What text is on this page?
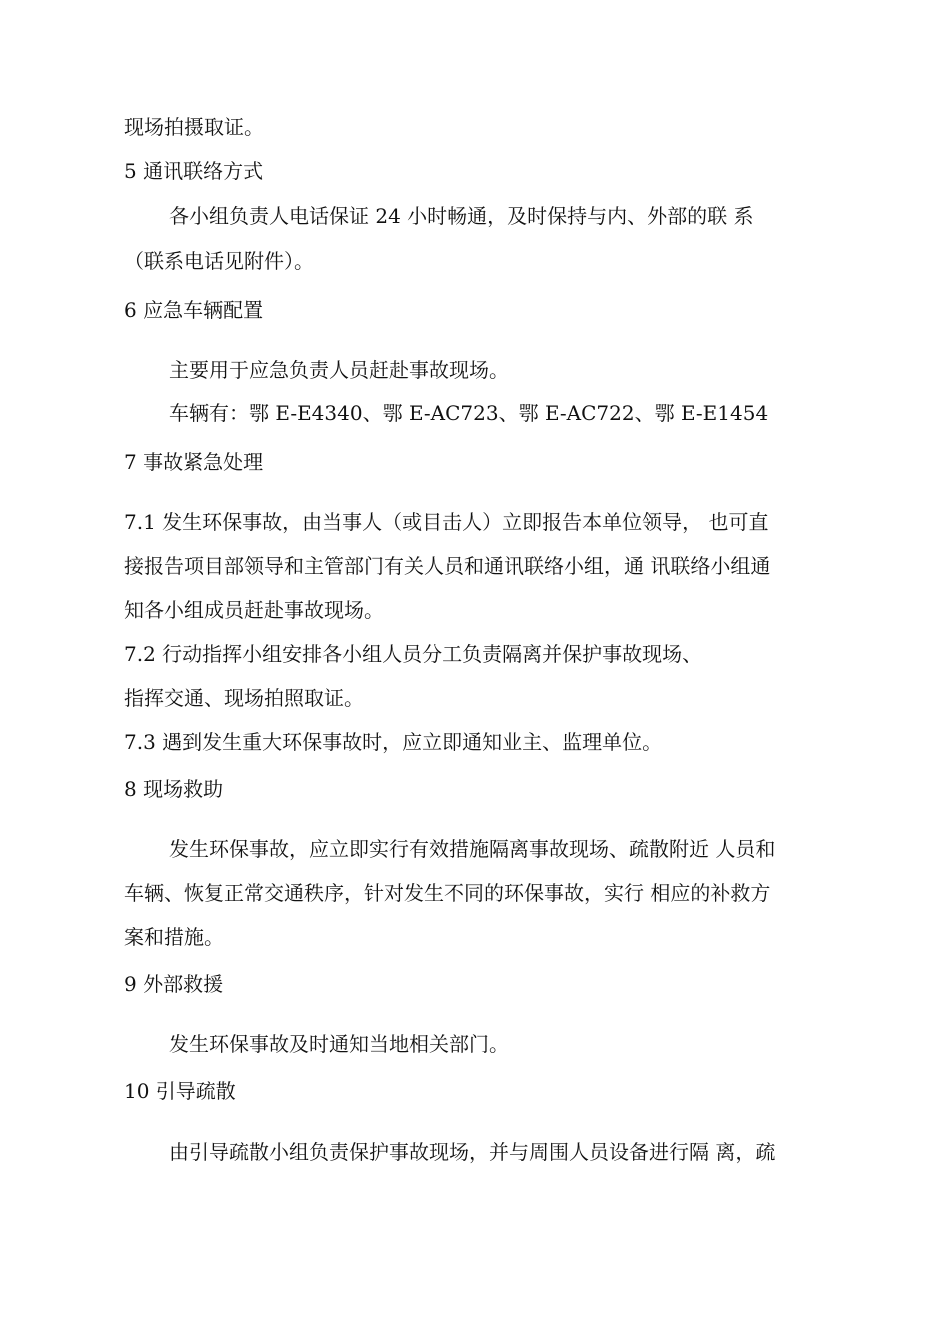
现场拍摄取证。

5 通讯联络方式

各小组负责人电话保证 24 小时畅通，及时保持与内、外部的联 系

（联系电话见附件）。

6 应急车辆配置

主要用于应急负责人员赶赴事故现场。

车辆有：鄂 E-E4340、鄂 E-AC723、鄂 E-AC722、鄂 E-E1454

7 事故紧急处理

7.1 发生环保事故，由当事人（或目击人）立即报告本单位领导， 也可直

接报告项目部领导和主管部门有关人员和通讯联络小组，通 讯联络小组通

知各小组成员赶赴事故现场。

7.2 行动指挥小组安排各小组人员分工负责隔离并保护事故现场、

指挥交通、现场拍照取证。

7.3 遇到发生重大环保事故时，应立即通知业主、监理单位。

8 现场救助

发生环保事故，应立即实行有效措施隔离事故现场、疏散附近 人员和

车辆、恢复正常交通秩序，针对发生不同的环保事故，实行 相应的补救方

案和措施。

9 外部救援

发生环保事故及时通知当地相关部门。

10 引导疏散

由引导疏散小组负责保护事故现场，并与周围人员设备进行隔 离，疏
